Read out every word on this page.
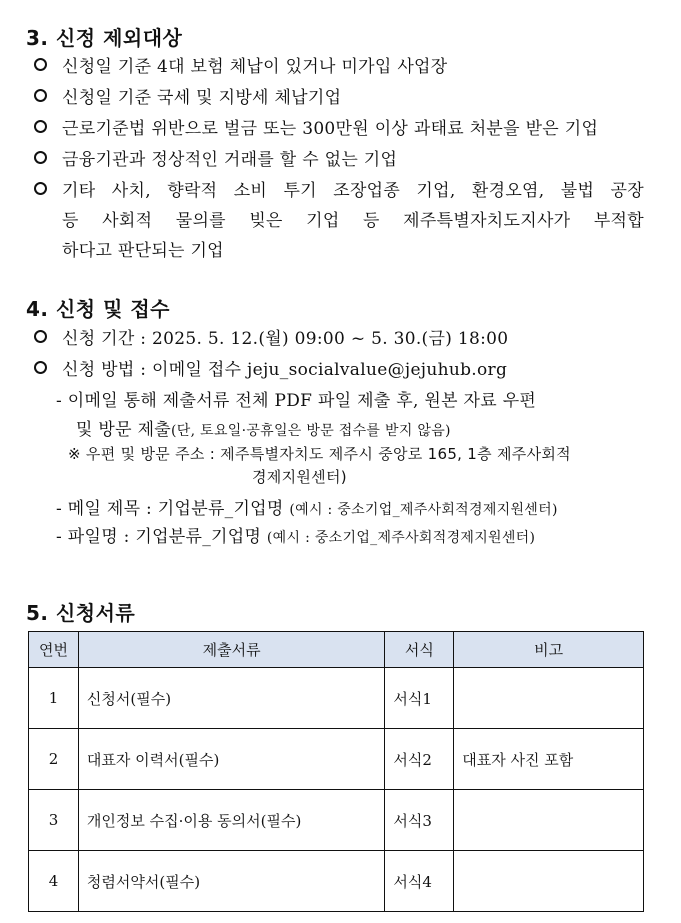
3. 신정 제외대상
신청일 기준 4대 보험 체납이 있거나 미가입 사업장
신청일 기준 국세 및 지방세 체납기업
근로기준법 위반으로 벌금 또는 300만원 이상 과태료 처분을 받은 기업
금융기관과 정상적인 거래를 할 수 없는 기업
기타 사치, 향락적 소비 투기 조장업종 기업, 환경오염, 불법 공장
등 사회적 물의를 빚은 기업 등 제주특별자치도지사가 부적합
하다고 판단되는 기업
4. 신청 및 접수
신청 기간 : 2025. 5. 12.(월) 09:00 ~ 5. 30.(금) 18:00
신청 방법 : 이메일 접수 jeju_socialvalue@jejuhub.org
- 이메일 통해 제출서류 전체 PDF 파일 제출 후, 원본 자료 우편
및 방문 제출(단, 토요일·공휴일은 방문 접수를 받지 않음)
※ 우편 및 방문 주소 : 제주특별자치도 제주시 중앙로 165, 1층 제주사회적
경제지원센터)
- 메일 제목 : 기업분류_기업명 (예시 : 중소기업_제주사회적경제지원센터)
- 파일명 : 기업분류_기업명 (예시 : 중소기업_제주사회적경제지원센터)
5. 신청서류
연번	제출서류	서식	비고
1	신청서(필수)	서식1	
2	대표자 이력서(필수)	서식2	대표자 사진 포함
3	개인정보 수집·이용 동의서(필수)	서식3	
4	청렴서약서(필수)	서식4	
